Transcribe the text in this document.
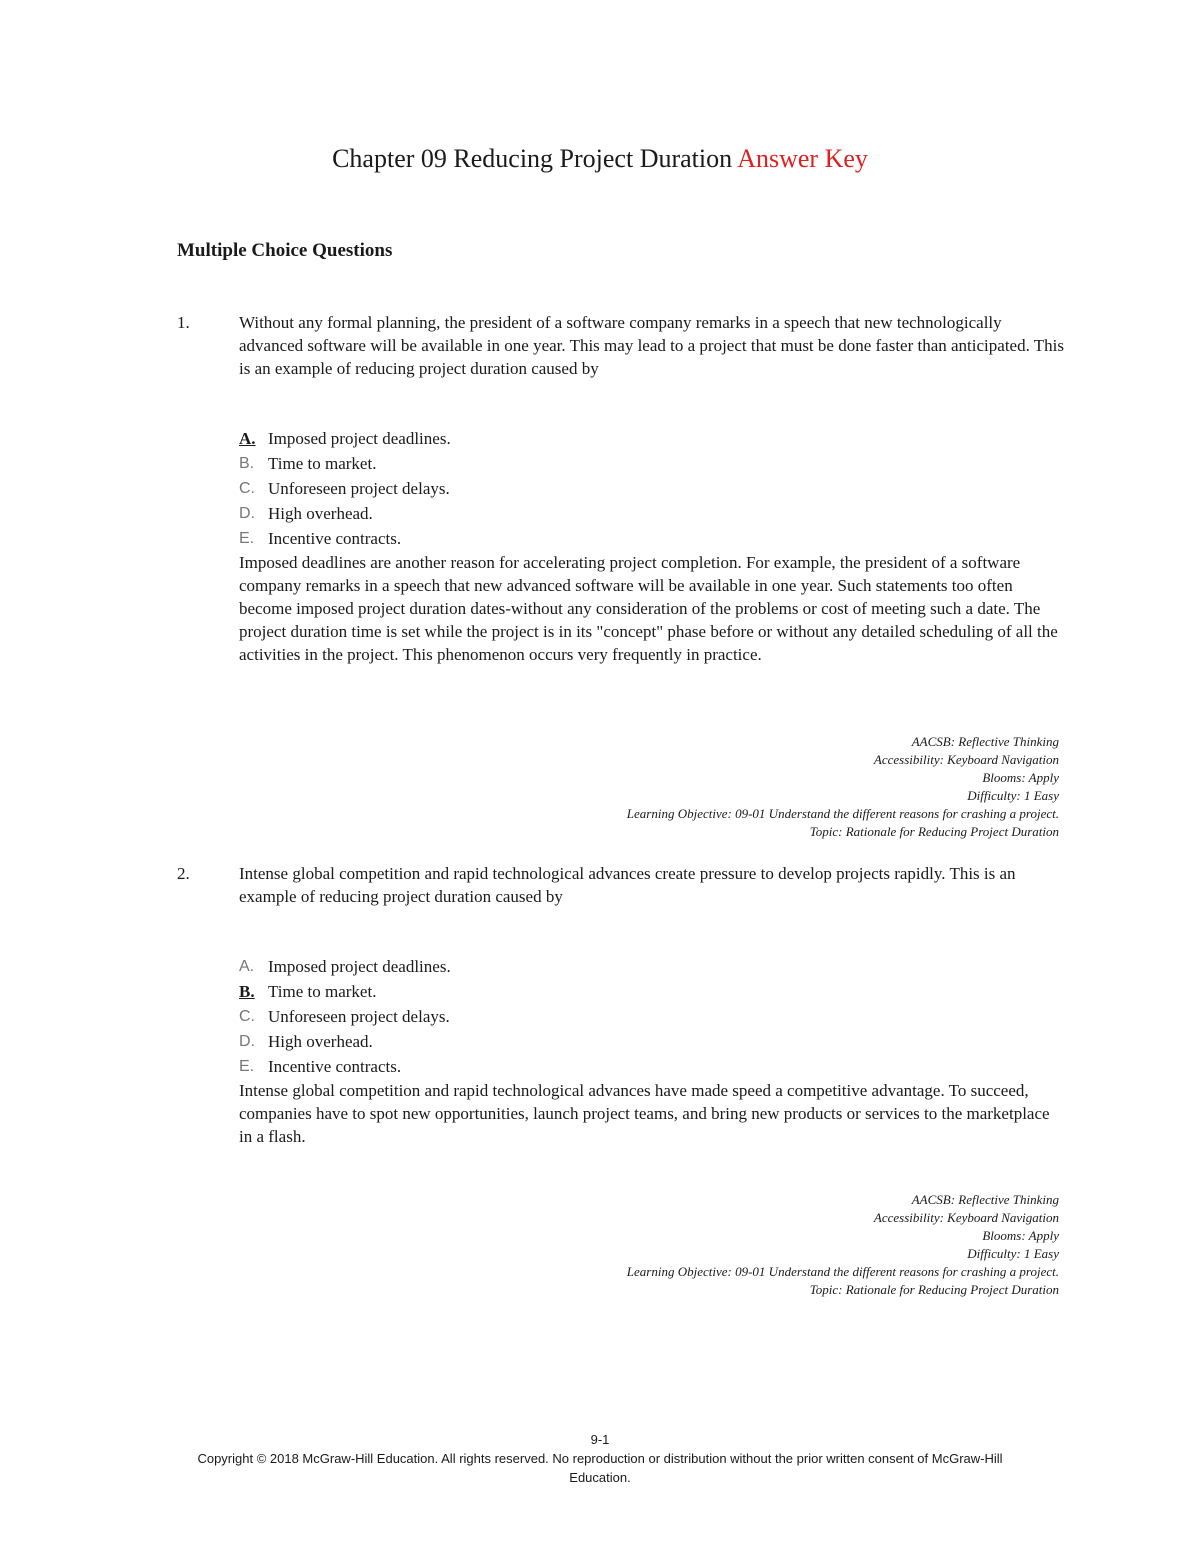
Chapter 09 Reducing Project Duration Answer Key
Multiple Choice Questions
1.	Without any formal planning, the president of a software company remarks in a speech that new technologically advanced software will be available in one year. This may lead to a project that must be done faster than anticipated. This is an example of reducing project duration caused by
A. Imposed project deadlines.
B. Time to market.
C. Unforeseen project delays.
D. High overhead.
E. Incentive contracts.
Imposed deadlines are another reason for accelerating project completion. For example, the president of a software company remarks in a speech that new advanced software will be available in one year. Such statements too often become imposed project duration dates-without any consideration of the problems or cost of meeting such a date. The project duration time is set while the project is in its "concept" phase before or without any detailed scheduling of all the activities in the project. This phenomenon occurs very frequently in practice.
AACSB: Reflective Thinking
Accessibility: Keyboard Navigation
Blooms: Apply
Difficulty: 1 Easy
Learning Objective: 09-01 Understand the different reasons for crashing a project.
Topic: Rationale for Reducing Project Duration
2.	Intense global competition and rapid technological advances create pressure to develop projects rapidly. This is an example of reducing project duration caused by
A. Imposed project deadlines.
B. Time to market.
C. Unforeseen project delays.
D. High overhead.
E. Incentive contracts.
Intense global competition and rapid technological advances have made speed a competitive advantage. To succeed, companies have to spot new opportunities, launch project teams, and bring new products or services to the marketplace in a flash.
AACSB: Reflective Thinking
Accessibility: Keyboard Navigation
Blooms: Apply
Difficulty: 1 Easy
Learning Objective: 09-01 Understand the different reasons for crashing a project.
Topic: Rationale for Reducing Project Duration
9-1
Copyright © 2018 McGraw-Hill Education. All rights reserved. No reproduction or distribution without the prior written consent of McGraw-Hill Education.
